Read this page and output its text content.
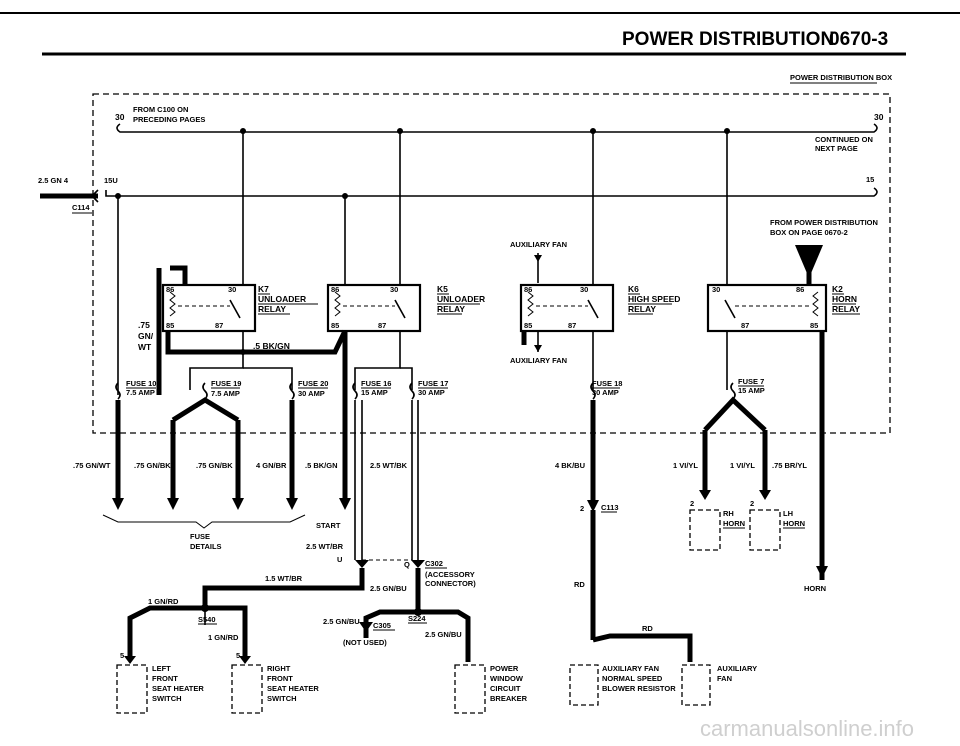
POWER DISTRIBUTION
0670-3
POWER DISTRIBUTION BOX
FROM C100 ON
PRECEDING PAGES
30	30
CONTINUED ON
NEXT PAGE
2.5 GN 4
C114
15U	15
FROM POWER DISTRIBUTION
BOX ON PAGE 0670-2
G
AUXILIARY FAN
86	30
85	87
K7
UNLOADER
RELAY
86	30
85	87
K5
UNLOADER
RELAY
86	30
85	87
K6
HIGH SPEED
RELAY
30	86
87	85
K2
HORN
RELAY
AUXILIARY FAN
.75
GN/
WT	.5 BK/GN
FUSE 10
7.5 AMP
FUSE 19
7.5 AMP
FUSE 20
30 AMP
FUSE 16
15 AMP
FUSE 17
30 AMP
FUSE 18
30 AMP
FUSE 7
15 AMP
.75 GN/WT	.75 GN/BK	.75 GN/BK	4 GN/BR .5 BK/GN	2.5 WT/BK	4 BK/BU	1 VI/YL	1 VI/YL .75 BR/YL
FUSE
DETAILS
START
2.5 WT/BR
U
Q C302
(ACCESSORY
CONNECTOR)
2.5 GN/BU
1.5 WT/BR
1 GN/RD
S540
1 GN/RD
S224
2.5 GN/BU C305
(NOT USED)
2.5 GN/BU
2 C113
RD
RD
2	2
RH
HORN
LH
HORN
HORN
5
LEFT
FRONT
SEAT HEATER
SWITCH
5
RIGHT
FRONT
SEAT HEATER
SWITCH
POWER
WINDOW
CIRCUIT
BREAKER
AUXILIARY FAN
NORMAL SPEED
BLOWER RESISTOR
AUXILIARY
FAN
carmanualsonline.info
